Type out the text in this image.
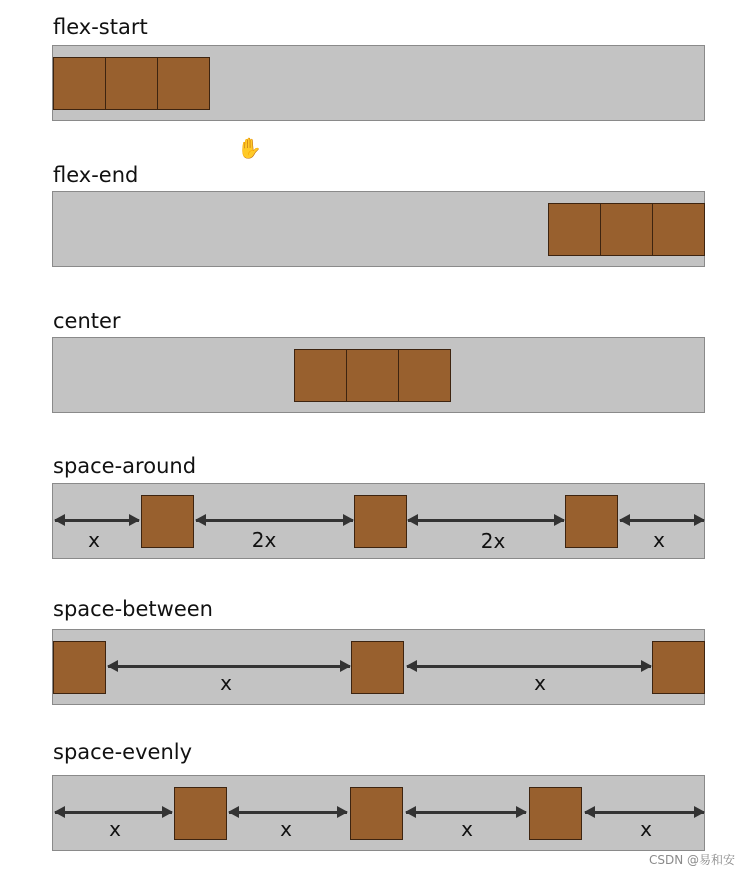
flex-start
✋
flex-end
center
space-around
x	2x	2x	x
space-between
x	x
space-evenly
x	x	x	x
CSDN @易和安
